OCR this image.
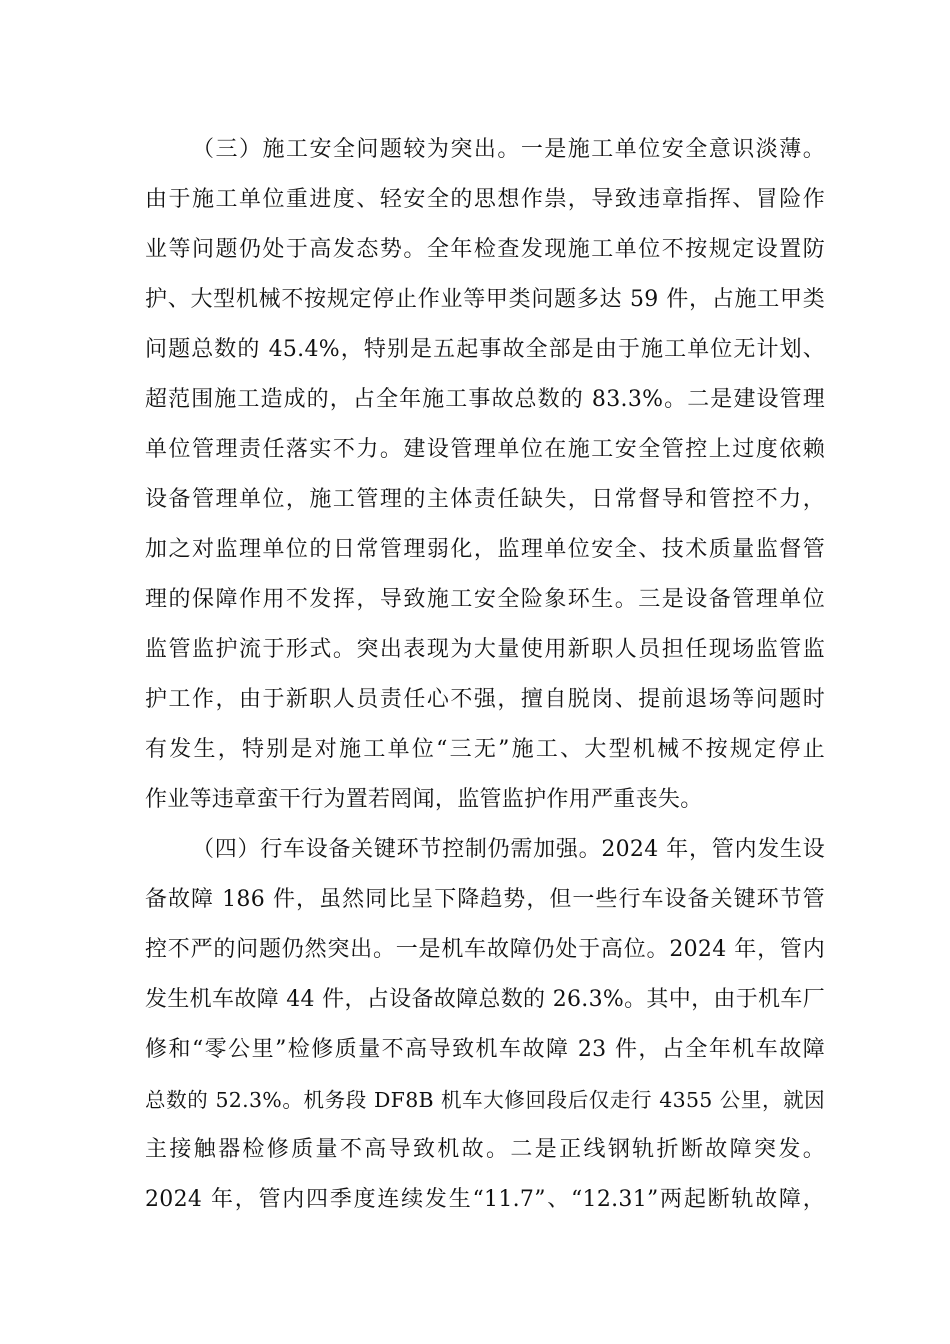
（三）施工安全问题较为突出。一是施工单位安全意识淡薄。
由于施工单位重进度、轻安全的思想作祟，导致违章指挥、冒险作
业等问题仍处于高发态势。全年检查发现施工单位不按规定设置防
护、大型机械不按规定停止作业等甲类问题多达 59 件，占施工甲类
问题总数的 45.4%，特别是五起事故全部是由于施工单位无计划、
超范围施工造成的，占全年施工事故总数的 83.3%。二是建设管理
单位管理责任落实不力。建设管理单位在施工安全管控上过度依赖
设备管理单位，施工管理的主体责任缺失，日常督导和管控不力，
加之对监理单位的日常管理弱化，监理单位安全、技术质量监督管
理的保障作用不发挥，导致施工安全险象环生。三是设备管理单位
监管监护流于形式。突出表现为大量使用新职人员担任现场监管监
护工作，由于新职人员责任心不强，擅自脱岗、提前退场等问题时
有发生，特别是对施工单位“三无”施工、大型机械不按规定停止
作业等违章蛮干行为置若罔闻，监管监护作用严重丧失。
（四）行车设备关键环节控制仍需加强。2024 年，管内发生设
备故障 186 件，虽然同比呈下降趋势，但一些行车设备关键环节管
控不严的问题仍然突出。一是机车故障仍处于高位。2024 年，管内
发生机车故障 44 件，占设备故障总数的 26.3%。其中，由于机车厂
修和“零公里”检修质量不高导致机车故障 23 件，占全年机车故障
总数的 52.3%。机务段 DF8B 机车大修回段后仅走行 4355 公里，就因
主接触器检修质量不高导致机故。二是正线钢轨折断故障突发。
2024 年，管内四季度连续发生“11.7”、“12.31”两起断轨故障，
